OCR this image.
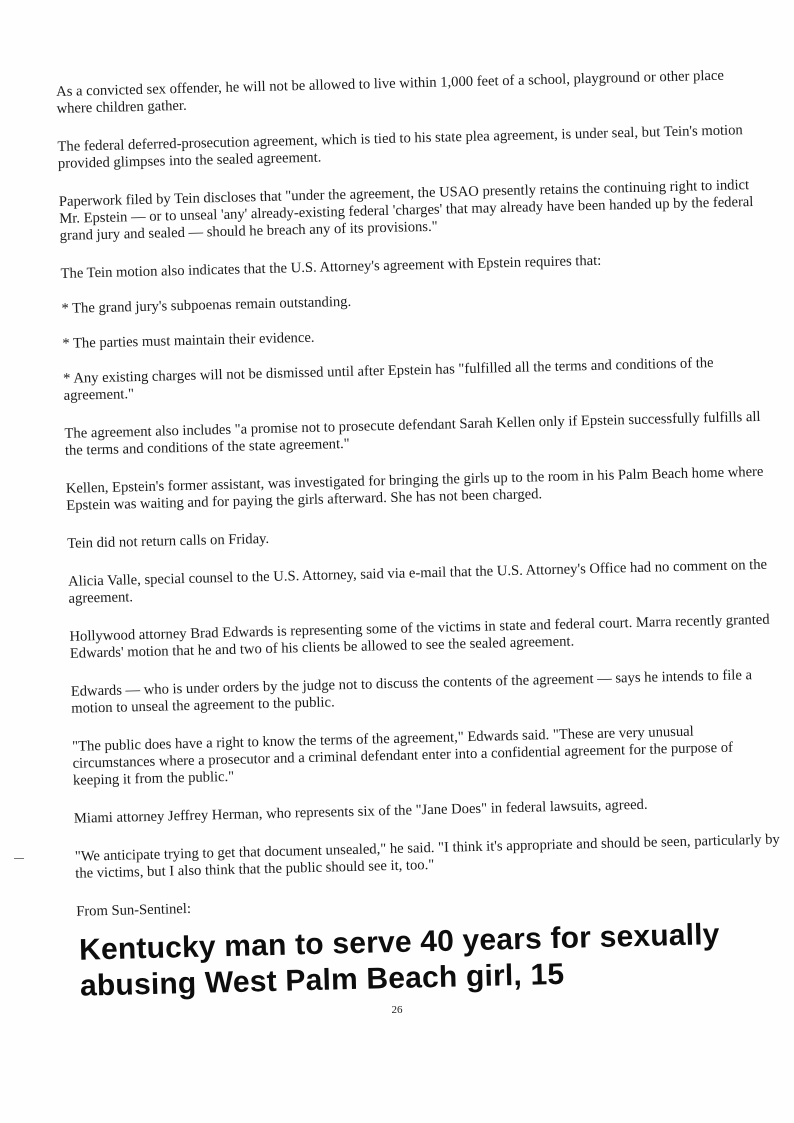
As a convicted sex offender, he will not be allowed to live within 1,000 feet of a school, playground or other place where children gather.

The federal deferred-prosecution agreement, which is tied to his state plea agreement, is under seal, but Tein's motion provided glimpses into the sealed agreement.

Paperwork filed by Tein discloses that "under the agreement, the USAO presently retains the continuing right to indict Mr. Epstein — or to unseal 'any' already-existing federal 'charges' that may already have been handed up by the federal grand jury and sealed — should he breach any of its provisions."

The Tein motion also indicates that the U.S. Attorney's agreement with Epstein requires that:

* The grand jury's subpoenas remain outstanding.

* The parties must maintain their evidence.

* Any existing charges will not be dismissed until after Epstein has "fulfilled all the terms and conditions of the agreement."

The agreement also includes "a promise not to prosecute defendant Sarah Kellen only if Epstein successfully fulfills all the terms and conditions of the state agreement."

Kellen, Epstein's former assistant, was investigated for bringing the girls up to the room in his Palm Beach home where Epstein was waiting and for paying the girls afterward. She has not been charged.

Tein did not return calls on Friday.

Alicia Valle, special counsel to the U.S. Attorney, said via e-mail that the U.S. Attorney's Office had no comment on the agreement.

Hollywood attorney Brad Edwards is representing some of the victims in state and federal court. Marra recently granted Edwards' motion that he and two of his clients be allowed to see the sealed agreement.

Edwards — who is under orders by the judge not to discuss the contents of the agreement — says he intends to file a motion to unseal the agreement to the public.

"The public does have a right to know the terms of the agreement," Edwards said. "These are very unusual circumstances where a prosecutor and a criminal defendant enter into a confidential agreement for the purpose of keeping it from the public."

Miami attorney Jeffrey Herman, who represents six of the "Jane Does" in federal lawsuits, agreed.

"We anticipate trying to get that document unsealed," he said. "I think it's appropriate and should be seen, particularly by the victims, but I also think that the public should see it, too."

From Sun-Sentinel:

Kentucky man to serve 40 years for sexually abusing West Palm Beach girl, 15
26
